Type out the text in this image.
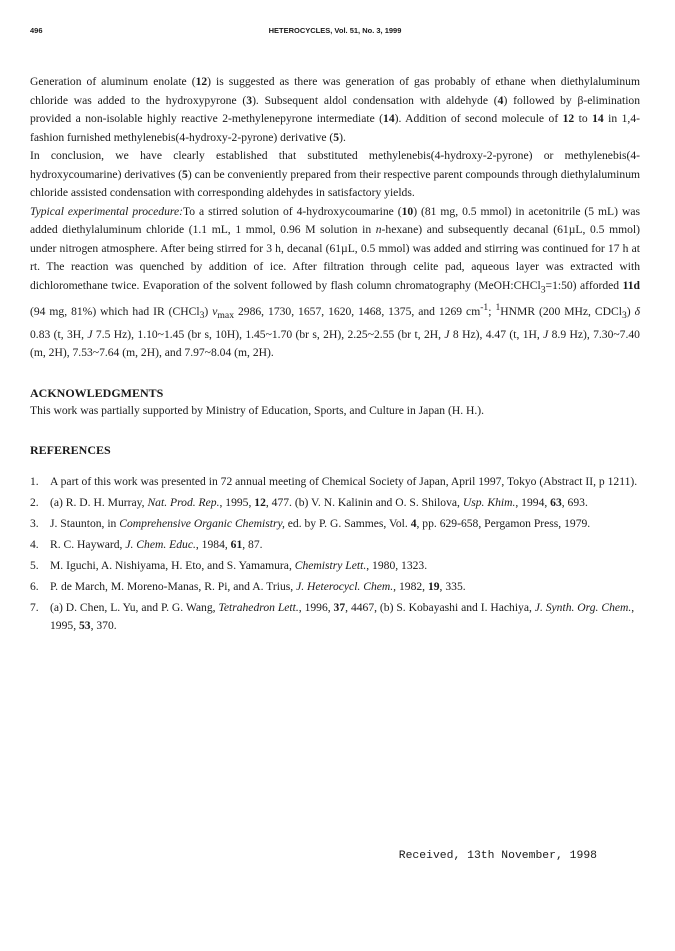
496	HETEROCYCLES, Vol. 51, No. 3, 1999

Generation of aluminum enolate (12) is suggested as there was generation of gas probably of ethane when diethylaluminum chloride was added to the hydroxypyrone (3). Subsequent aldol condensation with aldehyde (4) followed by β-elimination provided a non-isolable highly reactive 2-methylenepyrone intermediate (14). Addition of second molecule of 12 to 14 in 1,4-fashion furnished methylenebis(4-hydroxy-2-pyrone) derivative (5).

In conclusion, we have clearly established that substituted methylenebis(4-hydroxy-2-pyrone) or methylenebis(4-hydroxycoumarine) derivatives (5) can be conveniently prepared from their respective parent compounds through diethylaluminum chloride assisted condensation with corresponding aldehydes in satisfactory yields.

Typical experimental procedure:To a stirred solution of 4-hydroxycoumarine (10) (81 mg, 0.5 mmol) in acetonitrile (5 mL) was added diethylaluminum chloride (1.1 mL, 1 mmol, 0.96 M solution in n-hexane) and subsequently decanal (61µL, 0.5 mmol) under nitrogen atmosphere. After being stirred for 3 h, decanal (61µL, 0.5 mmol) was added and stirring was continued for 17 h at rt. The reaction was quenched by addition of ice. After filtration through celite pad, aqueous layer was extracted with dichloromethane twice. Evaporation of the solvent followed by flash column chromatography (MeOH:CHCl$_3$=1:50) afforded 11d (94 mg, 81%) which had IR (CHCl$_3$) $\nu_{max}$ 2986, 1730, 1657, 1620, 1468, 1375, and 1269 $cm^{-1}$; $^1$HNMR (200 MHz, CDCl$_3$) δ 0.83 (t, 3H, J 7.5 Hz), 1.10~1.45 (br s, 10H), 1.45~1.70 (br s, 2H), 2.25~2.55 (br t, 2H, J 8 Hz), 4.47 (t, 1H, J 8.9 Hz), 7.30~7.40 (m, 2H), 7.53~7.64 (m, 2H), and 7.97~8.04 (m, 2H).

ACKNOWLEDGMENTS

This work was partially supported by Ministry of Education, Sports, and Culture in Japan (H. H.).

REFERENCES

1. A part of this work was presented in 72 annual meeting of Chemical Society of Japan, April 1997, Tokyo (Abstract II, p 1211).
2. (a) R. D. H. Murray, Nat. Prod. Rep., 1995, 12, 477. (b) V. N. Kalinin and O. S. Shilova, Usp. Khim., 1994, 63, 693.
3. J. Staunton, in Comprehensive Organic Chemistry, ed. by P. G. Sammes, Vol. 4, pp. 629-658, Pergamon Press, 1979.
4. R. C. Hayward, J. Chem. Educ., 1984, 61, 87.
5. M. Iguchi, A. Nishiyama, H. Eto, and S. Yamamura, Chemistry Lett., 1980, 1323.
6. P. de March, M. Moreno-Manas, R. Pi, and A. Trius, J. Heterocycl. Chem., 1982, 19, 335.
7. (a) D. Chen, L. Yu, and P. G. Wang, Tetrahedron Lett., 1996, 37, 4467, (b) S. Kobayashi and I. Hachiya, J. Synth. Org. Chem., 1995, 53, 370.
Received, 13th November, 1998
